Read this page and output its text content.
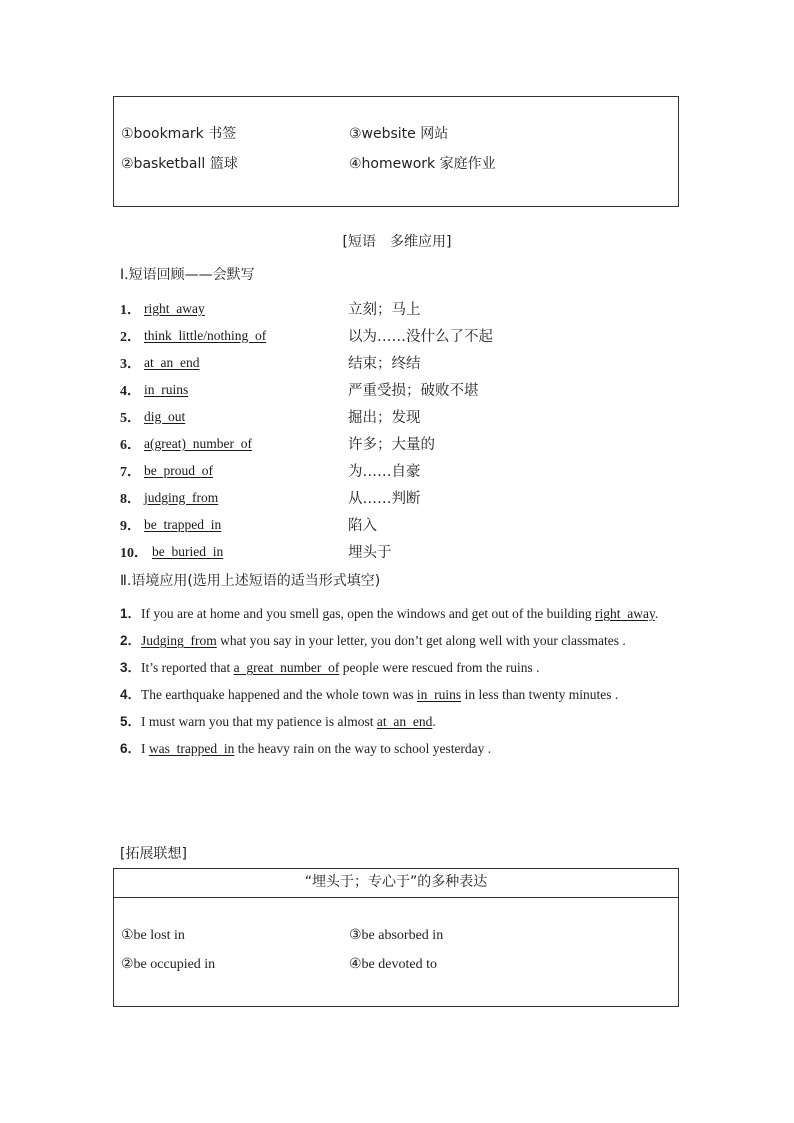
①bookmark 书签	③website 网站
②basketball 篮球	④homework 家庭作业
[短语　多维应用]
Ⅰ.短语回顾——会默写
1． right  away	立刻；马上
2． think  little/nothing  of	以为……没什么了不起
3． at  an  end	结束；终结
4． in  ruins	严重受损；破败不堪
5． dig  out	掘出；发现
6． a(great)  number  of	许多；大量的
7． be  proud  of	为……自豪
8． judging  from	从……判断
9． be  trapped  in	陷入
10． be  buried  in	埋头于
Ⅱ.语境应用(选用上述短语的适当形式填空)
1．If you are at home and you smell gas, open the windows and get out of the building right  away.
2．Judging  from what you say in your letter, you don’t get along well with your classmates .
3．It’s reported that a  great  number  of people were rescued from the ruins .
4．The earthquake happened and the whole town was in  ruins in less than twenty minutes .
5．I must warn you that my patience is almost at  an  end.
6．I was  trapped  in the heavy rain on the way to school yesterday .
[拓展联想]
“埋头于；专心于”的多种表达
①be lost in	③be absorbed in
②be occupied in	④be devoted to
